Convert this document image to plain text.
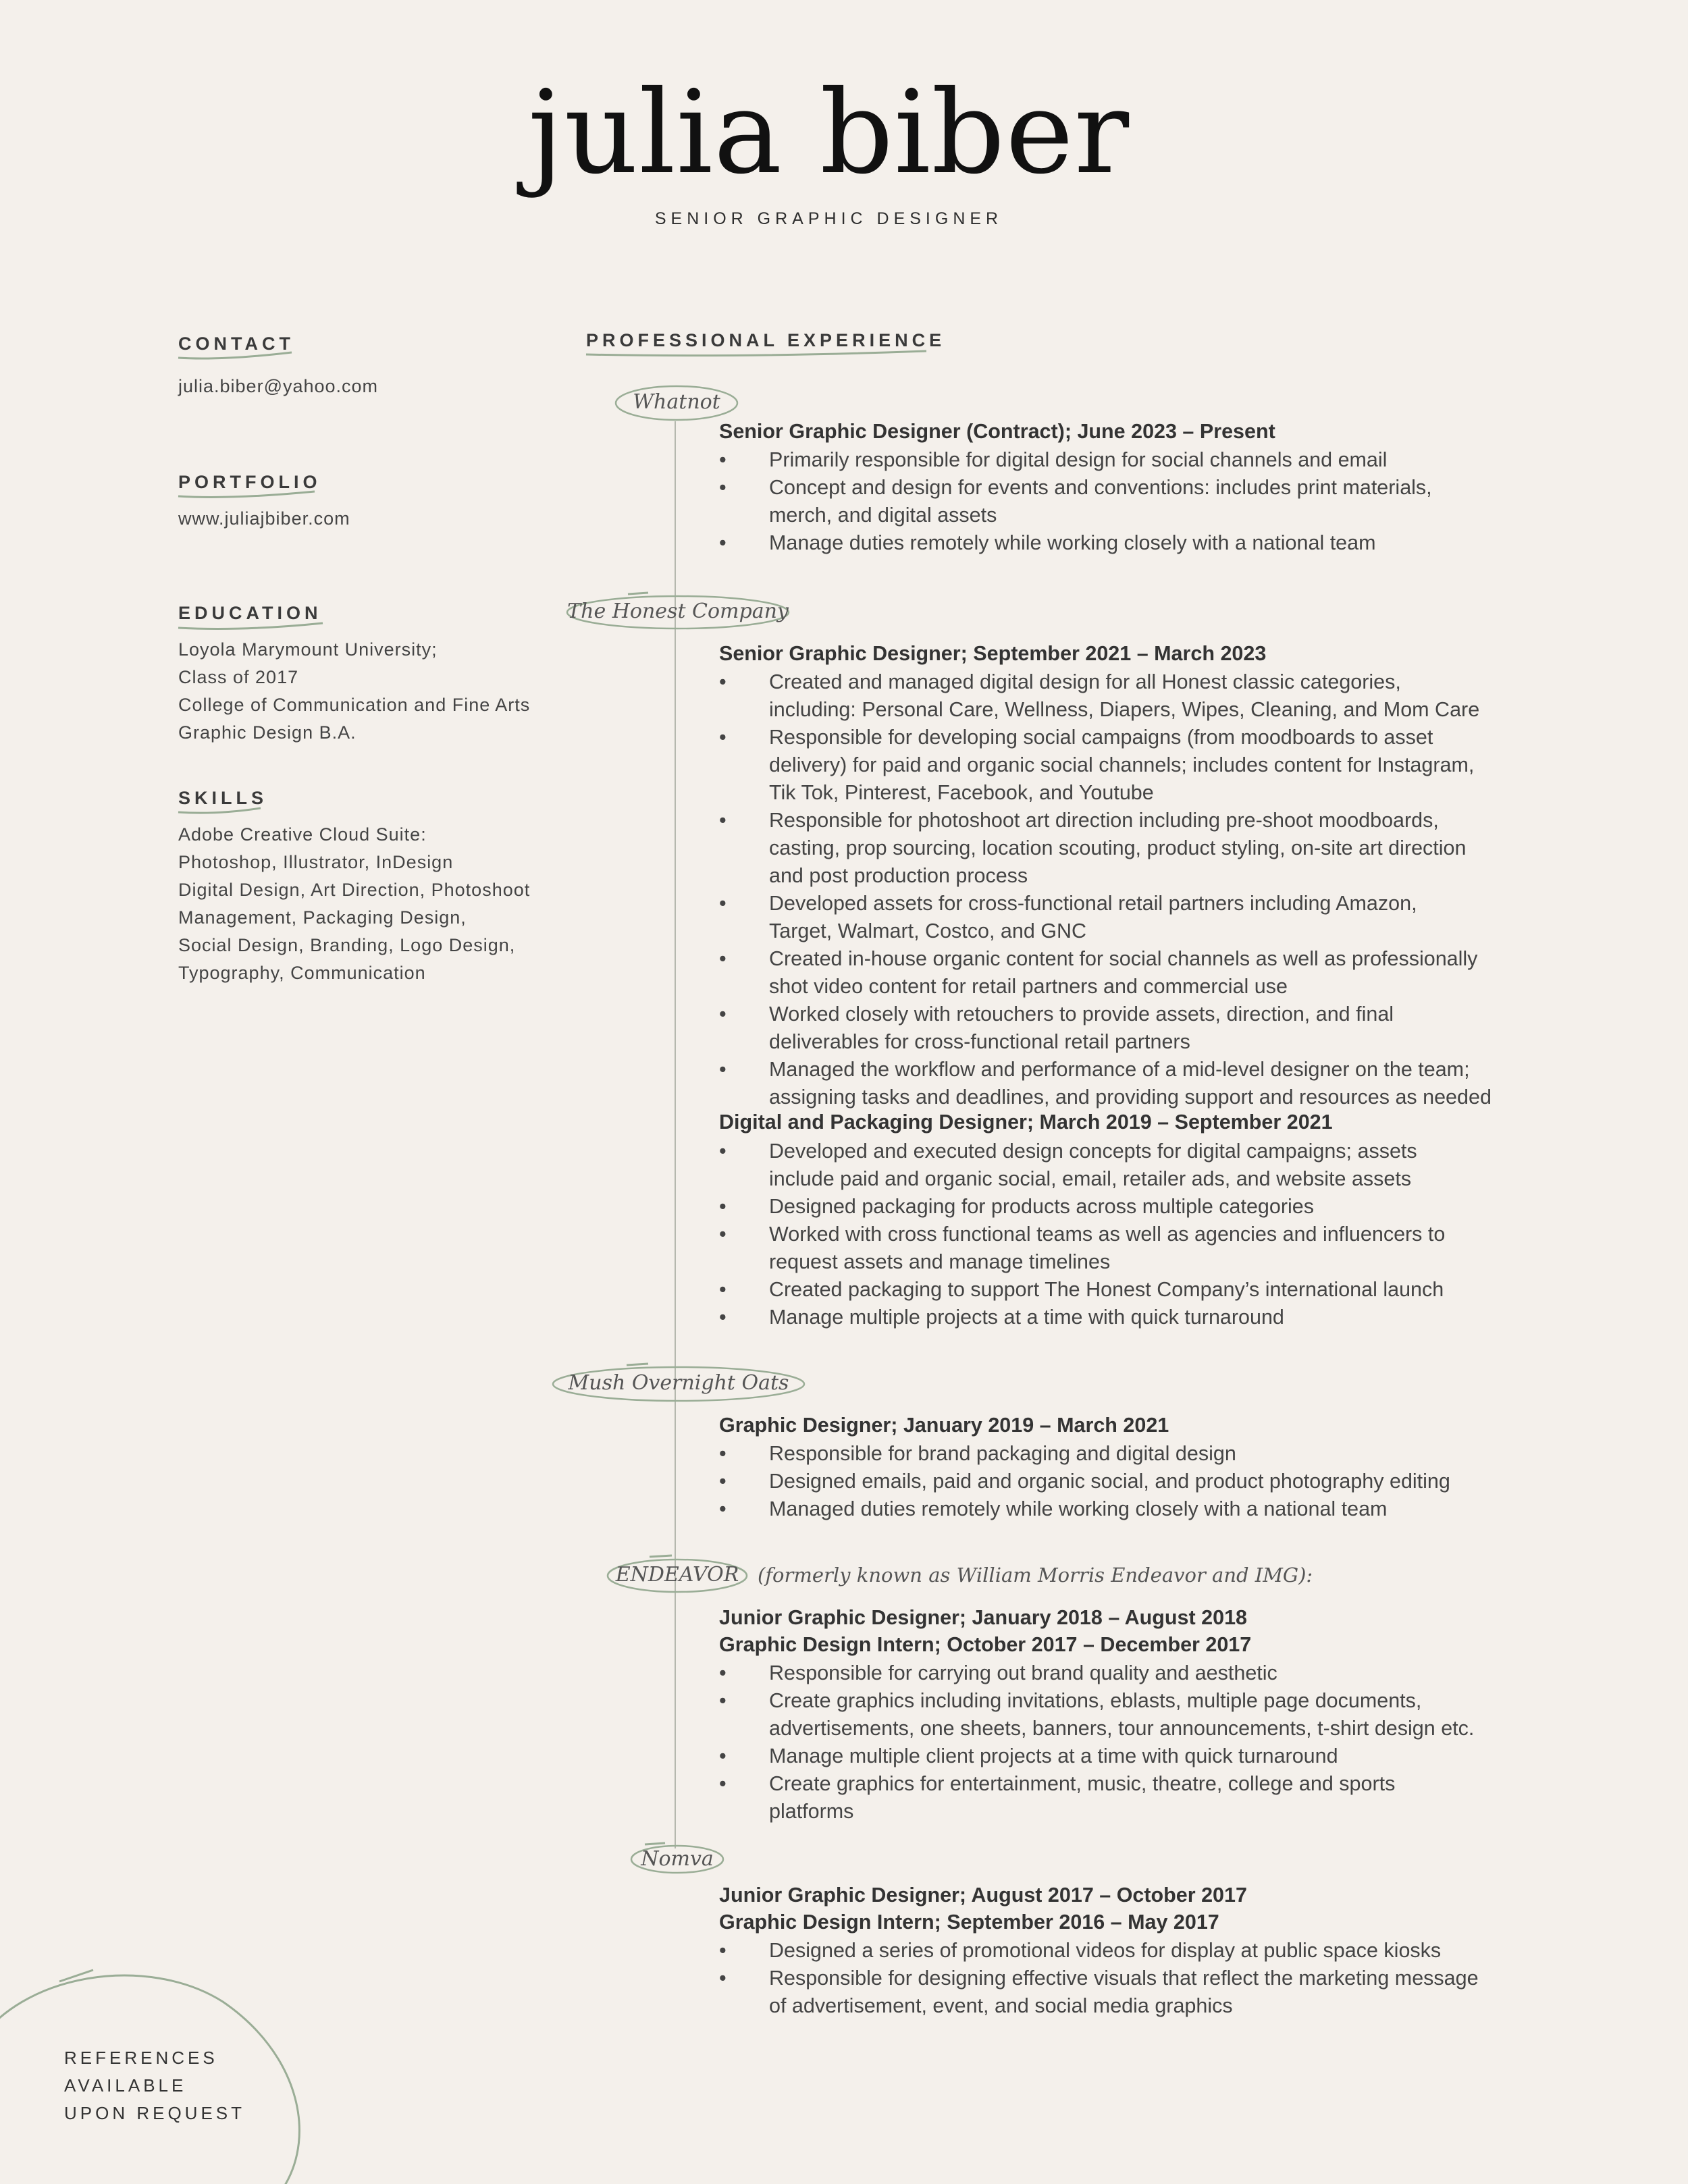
julia biber
SENIOR GRAPHIC DESIGNER
CONTACT
julia.biber@yahoo.com
PORTFOLIO
www.juliajbiber.com
EDUCATION
Loyola Marymount University;
Class of 2017
College of Communication and Fine Arts
Graphic Design B.A.
SKILLS
Adobe Creative Cloud Suite:
Photoshop, Illustrator, InDesign
Digital Design, Art Direction, Photoshoot
Management, Packaging Design,
Social Design, Branding, Logo Design,
Typography, Communication
REFERENCES
AVAILABLE
UPON REQUEST
PROFESSIONAL EXPERIENCE
Whatnot
Senior Graphic Designer (Contract); June 2023 – Present
•	Primarily responsible for digital design for social channels and email
•	Concept and design for events and conventions: includes print materials,
merch, and digital assets
•	Manage duties remotely while working closely with a national team
The Honest Company
Senior Graphic Designer; September 2021 – March 2023
•	Created and managed digital design for all Honest classic categories,
including: Personal Care, Wellness, Diapers, Wipes, Cleaning, and Mom Care
•	Responsible for developing social campaigns (from moodboards to asset
delivery) for paid and organic social channels; includes content for Instagram,
Tik Tok, Pinterest, Facebook, and Youtube
•	Responsible for photoshoot art direction including pre-shoot moodboards,
casting, prop sourcing, location scouting, product styling, on-site art direction
and post production process
•	Developed assets for cross-functional retail partners including Amazon,
Target, Walmart, Costco, and GNC
•	Created in-house organic content for social channels as well as professionally
shot video content for retail partners and commercial use
•	Worked closely with retouchers to provide assets, direction, and final
deliverables for cross-functional retail partners
•	Managed the workflow and performance of a mid-level designer on the team;
assigning tasks and deadlines, and providing support and resources as needed
Digital and Packaging Designer; March 2019 – September 2021
•	Developed and executed design concepts for digital campaigns; assets
include paid and organic social, email, retailer ads, and website assets
•	Designed packaging for products across multiple categories
•	Worked with cross functional teams as well as agencies and influencers to
request assets and manage timelines
•	Created packaging to support The Honest Company’s international launch
•	Manage multiple projects at a time with quick turnaround
Mush Overnight Oats
Graphic Designer; January 2019 – March 2021
•	Responsible for brand packaging and digital design
•	Designed emails, paid and organic social, and product photography editing
•	Managed duties remotely while working closely with a national team
ENDEAVOR (formerly known as William Morris Endeavor and IMG):
Junior Graphic Designer; January 2018 – August 2018
Graphic Design Intern; October 2017 – December 2017
•	Responsible for carrying out brand quality and aesthetic
•	Create graphics including invitations, eblasts, multiple page documents,
advertisements, one sheets, banners, tour announcements, t-shirt design etc.
•	Manage multiple client projects at a time with quick turnaround
•	Create graphics for entertainment, music, theatre, college and sports
platforms
Nomva
Junior Graphic Designer; August 2017 – October 2017
Graphic Design Intern; September 2016 – May 2017
•	Designed a series of promotional videos for display at public space kiosks
•	Responsible for designing effective visuals that reflect the marketing message
of advertisement, event, and social media graphics
